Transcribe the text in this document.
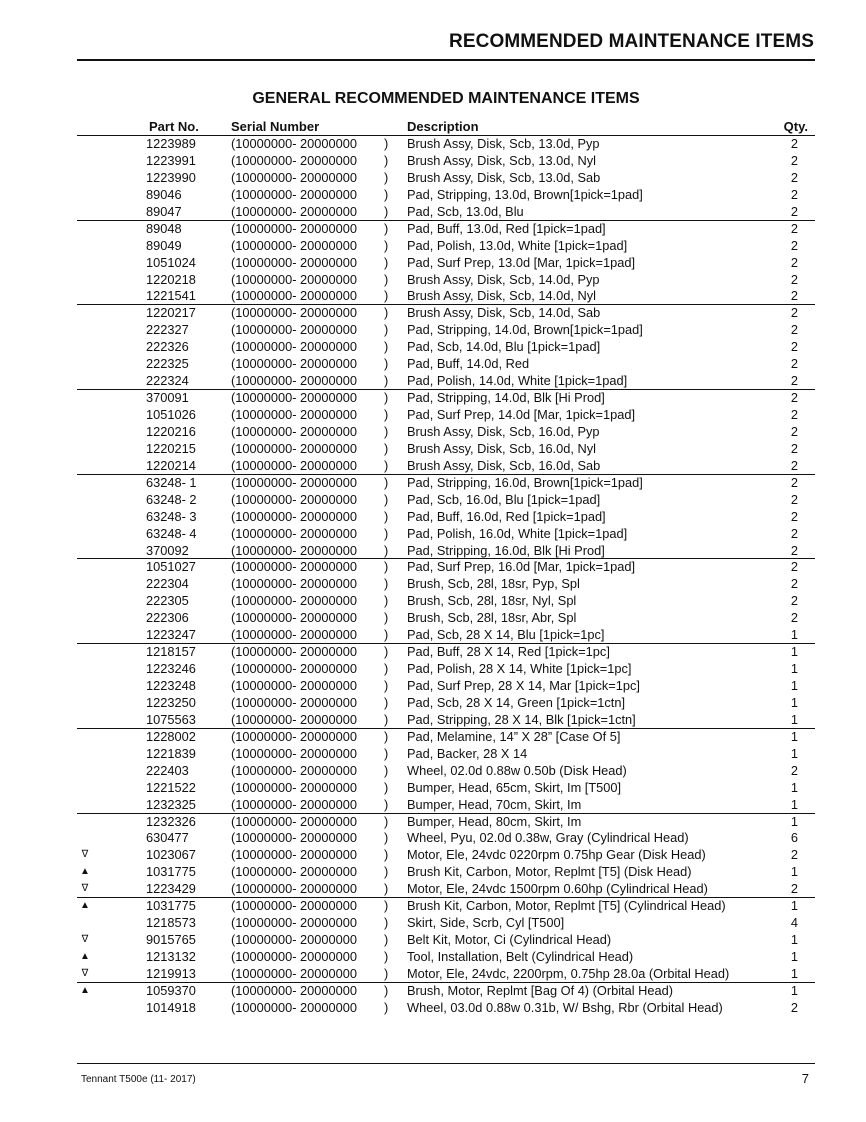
RECOMMENDED MAINTENANCE ITEMS
GENERAL RECOMMENDED MAINTENANCE ITEMS
Part No. Serial Number	Description	Qty.
1223989	(10000000- 20000000 ) Brush Assy, Disk, Scb, 13.0d, Pyp	2
1223991	(10000000- 20000000 ) Brush Assy, Disk, Scb, 13.0d, Nyl	2
1223990	(10000000- 20000000 ) Brush Assy, Disk, Scb, 13.0d, Sab	2
89046	(10000000- 20000000 ) Pad, Stripping, 13.0d, Brown[1pick=1pad]	2
89047	(10000000- 20000000 ) Pad, Scb, 13.0d, Blu	2
89048	(10000000- 20000000 ) Pad, Buff, 13.0d, Red [1pick=1pad]	2
89049	(10000000- 20000000 ) Pad, Polish, 13.0d, White [1pick=1pad]	2
1051024	(10000000- 20000000 ) Pad, Surf Prep, 13.0d [Mar, 1pick=1pad]	2
1220218	(10000000- 20000000 ) Brush Assy, Disk, Scb, 14.0d, Pyp	2
1221541	(10000000- 20000000 ) Brush Assy, Disk, Scb, 14.0d, Nyl	2
1220217	(10000000- 20000000 ) Brush Assy, Disk, Scb, 14.0d, Sab	2
222327	(10000000- 20000000 ) Pad, Stripping, 14.0d, Brown[1pick=1pad]	2
222326	(10000000- 20000000 ) Pad, Scb, 14.0d, Blu [1pick=1pad]	2
222325	(10000000- 20000000 ) Pad, Buff, 14.0d, Red	2
222324	(10000000- 20000000 ) Pad, Polish, 14.0d, White [1pick=1pad]	2
370091	(10000000- 20000000 ) Pad, Stripping, 14.0d, Blk [Hi Prod]	2
1051026	(10000000- 20000000 ) Pad, Surf Prep, 14.0d [Mar, 1pick=1pad]	2
1220216	(10000000- 20000000 ) Brush Assy, Disk, Scb, 16.0d, Pyp	2
1220215	(10000000- 20000000 ) Brush Assy, Disk, Scb, 16.0d, Nyl	2
1220214	(10000000- 20000000 ) Brush Assy, Disk, Scb, 16.0d, Sab	2
63248- 1	(10000000- 20000000 ) Pad, Stripping, 16.0d, Brown[1pick=1pad]	2
63248- 2	(10000000- 20000000 ) Pad, Scb, 16.0d, Blu [1pick=1pad]	2
63248- 3	(10000000- 20000000 ) Pad, Buff, 16.0d, Red [1pick=1pad]	2
63248- 4	(10000000- 20000000 ) Pad, Polish, 16.0d, White [1pick=1pad]	2
370092	(10000000- 20000000 ) Pad, Stripping, 16.0d, Blk [Hi Prod]	2
1051027	(10000000- 20000000 ) Pad, Surf Prep, 16.0d [Mar, 1pick=1pad]	2
222304	(10000000- 20000000 ) Brush, Scb, 28l, 18sr, Pyp, Spl	2
222305	(10000000- 20000000 ) Brush, Scb, 28l, 18sr, Nyl, Spl	2
222306	(10000000- 20000000 ) Brush, Scb, 28l, 18sr, Abr, Spl	2
1223247	(10000000- 20000000 ) Pad, Scb, 28 X 14, Blu [1pick=1pc]	1
1218157	(10000000- 20000000 ) Pad, Buff, 28 X 14, Red [1pick=1pc]	1
1223246	(10000000- 20000000 ) Pad, Polish, 28 X 14, White [1pick=1pc]	1
1223248	(10000000- 20000000 ) Pad, Surf Prep, 28 X 14, Mar [1pick=1pc]	1
1223250	(10000000- 20000000 ) Pad, Scb, 28 X 14, Green [1pick=1ctn]	1
1075563	(10000000- 20000000 ) Pad, Stripping, 28 X 14, Blk [1pick=1ctn]	1
1228002	(10000000- 20000000 ) Pad, Melamine, 14” X 28” [Case Of 5]	1
1221839	(10000000- 20000000 ) Pad, Backer, 28 X 14	1
222403	(10000000- 20000000 ) Wheel, 02.0d 0.88w 0.50b (Disk Head)	2
1221522	(10000000- 20000000 ) Bumper, Head, 65cm, Skirt, Im [T500]	1
1232325	(10000000- 20000000 ) Bumper, Head, 70cm, Skirt, Im	1
1232326	(10000000- 20000000 ) Bumper, Head, 80cm, Skirt, Im	1
630477	(10000000- 20000000 ) Wheel, Pyu, 02.0d 0.38w, Gray (Cylindrical Head)	6
∇	1023067	(10000000- 20000000 ) Motor, Ele, 24vdc 0220rpm 0.75hp Gear (Disk Head)	2
▲	1031775	(10000000- 20000000 ) Brush Kit, Carbon, Motor, Replmt [T5] (Disk Head)	1
∇	1223429	(10000000- 20000000 ) Motor, Ele, 24vdc 1500rpm 0.60hp (Cylindrical Head)	2
▲	1031775	(10000000- 20000000 ) Brush Kit, Carbon, Motor, Replmt [T5] (Cylindrical Head)	1
1218573	(10000000- 20000000 ) Skirt, Side, Scrb, Cyl [T500]	4
∇	9015765	(10000000- 20000000 ) Belt Kit, Motor, Ci (Cylindrical Head)	1
▲	1213132	(10000000- 20000000 ) Tool, Installation, Belt (Cylindrical Head)	1
∇	1219913	(10000000- 20000000 ) Motor, Ele, 24vdc, 2200rpm, 0.75hp 28.0a (Orbital Head)	1
▲	1059370	(10000000- 20000000 ) Brush, Motor, Replmt [Bag Of 4) (Orbital Head)	1
1014918	(10000000- 20000000 ) Wheel, 03.0d 0.88w 0.31b, W/ Bshg, Rbr (Orbital Head)	2
Tennant T500e (11- 2017)	7
